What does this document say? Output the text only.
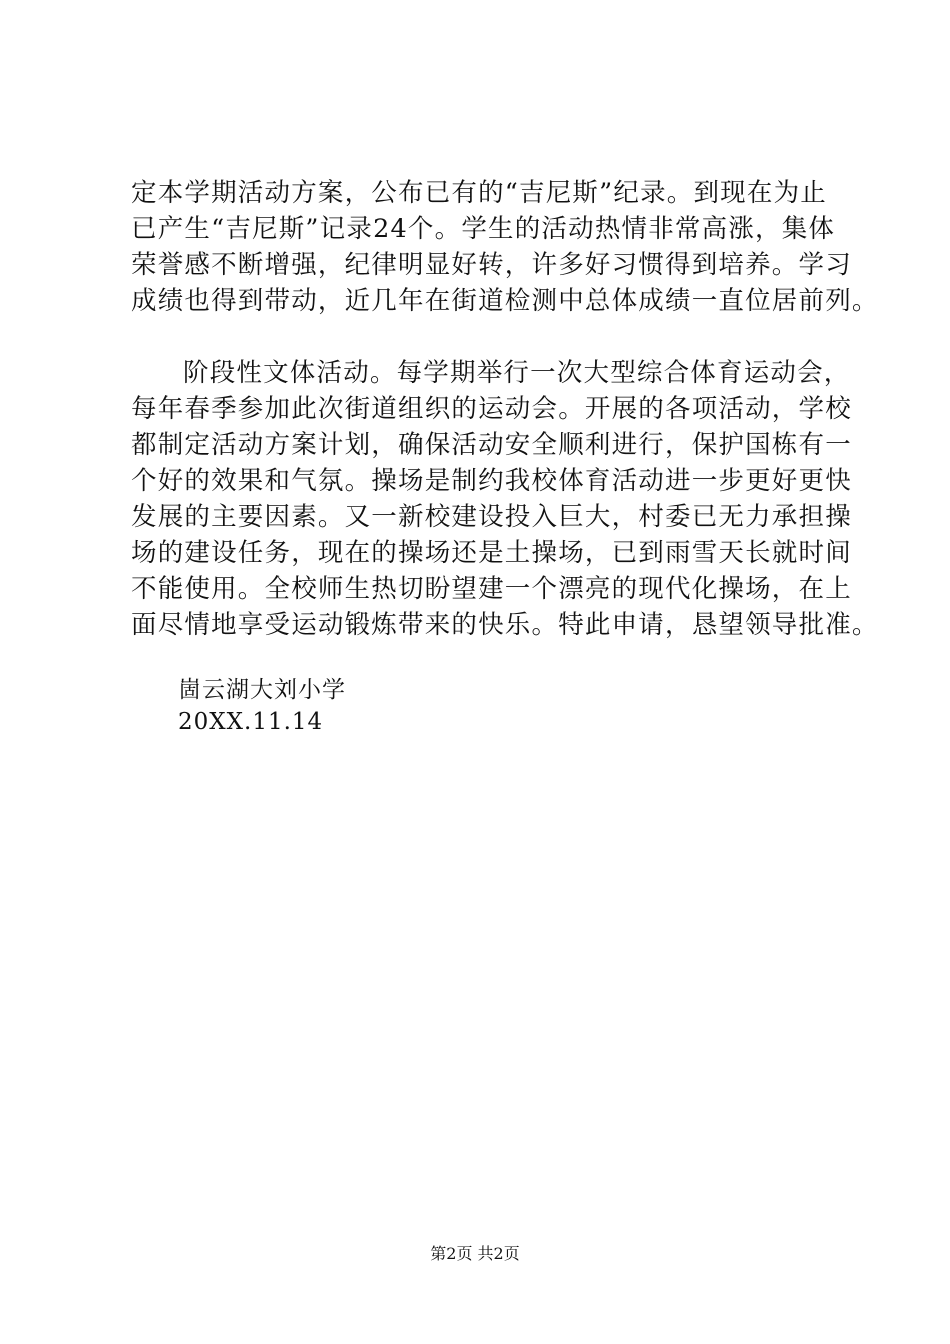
定本学期活动方案，公布已有的“吉尼斯”纪录。到现在为止
已产生“吉尼斯”记录24个。学生的活动热情非常高涨，集体
荣誉感不断增强，纪律明显好转，许多好习惯得到培养。学习
成绩也得到带动，近几年在街道检测中总体成绩一直位居前列。
阶段性文体活动。每学期举行一次大型综合体育运动会，
每年春季参加此次街道组织的运动会。开展的各项活动，学校
都制定活动方案计划，确保活动安全顺利进行，保护国栋有一
个好的效果和气氛。操场是制约我校体育活动进一步更好更快
发展的主要因素。又一新校建设投入巨大，村委已无力承担操
场的建设任务，现在的操场还是土操场，已到雨雪天长就时间
不能使用。全校师生热切盼望建一个漂亮的现代化操场，在上
面尽情地享受运动锻炼带来的快乐。特此申请，恳望领导批准。
崮云湖大刘小学
20XX.11.14
第2页 共2页
